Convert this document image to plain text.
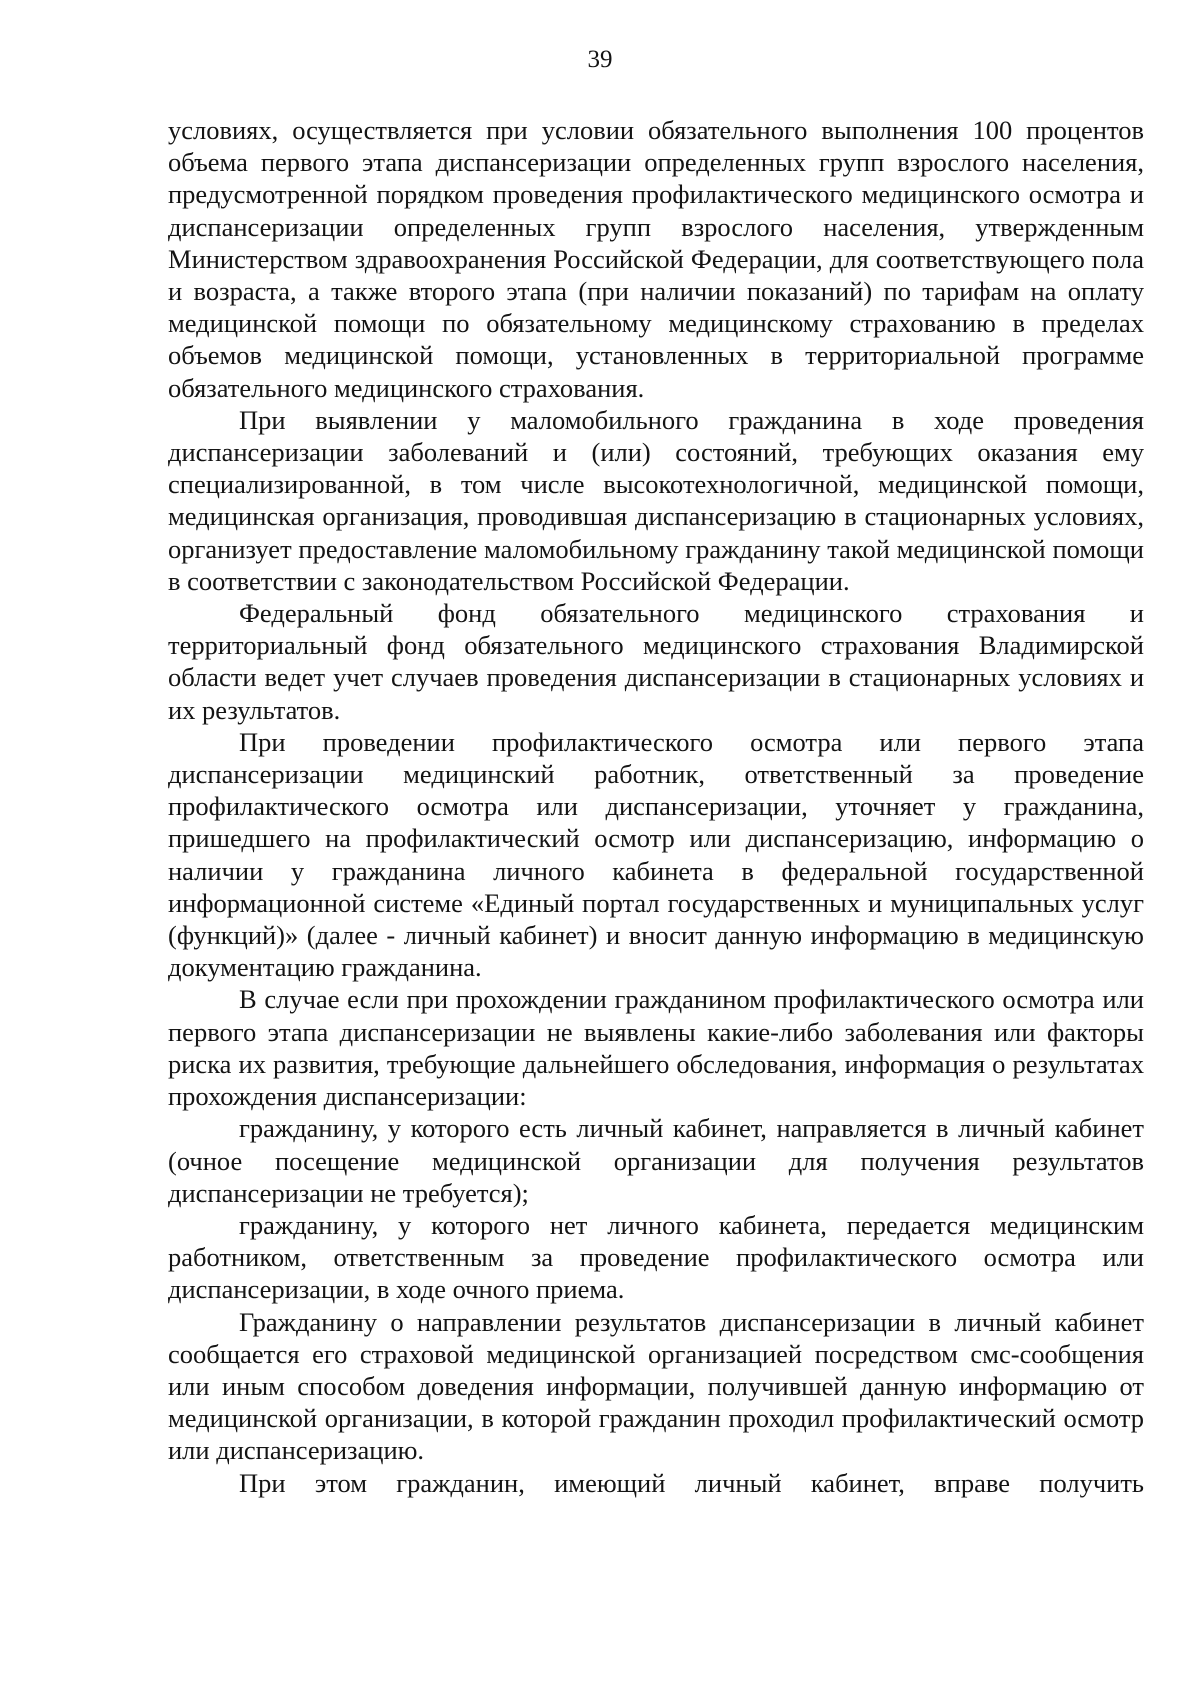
39

условиях, осуществляется при условии обязательного выполнения 100 процентов объема первого этапа диспансеризации определенных групп взрослого населения, предусмотренной порядком проведения профилактического медицинского осмотра и диспансеризации определенных групп взрослого населения, утвержденным Министерством здравоохранения Российской Федерации, для соответствующего пола и возраста, а также второго этапа (при наличии показаний) по тарифам на оплату медицинской помощи по обязательному медицинскому страхованию в пределах объемов медицинской помощи, установленных в территориальной программе обязательного медицинского страхования.

При выявлении у маломобильного гражданина в ходе проведения диспансеризации заболеваний и (или) состояний, требующих оказания ему специализированной, в том числе высокотехнологичной, медицинской помощи, медицинская организация, проводившая диспансеризацию в стационарных условиях, организует предоставление маломобильному гражданину такой медицинской помощи в соответствии с законодательством Российской Федерации.

Федеральный фонд обязательного медицинского страхования и территориальный фонд обязательного медицинского страхования Владимирской области ведет учет случаев проведения диспансеризации в стационарных условиях и их результатов.

При проведении профилактического осмотра или первого этапа диспансеризации медицинский работник, ответственный за проведение профилактического осмотра или диспансеризации, уточняет у гражданина, пришедшего на профилактический осмотр или диспансеризацию, информацию о наличии у гражданина личного кабинета в федеральной государственной информационной системе «Единый портал государственных и муниципальных услуг (функций)» (далее - личный кабинет) и вносит данную информацию в медицинскую документацию гражданина.

В случае если при прохождении гражданином профилактического осмотра или первого этапа диспансеризации не выявлены какие-либо заболевания или факторы риска их развития, требующие дальнейшего обследования, информация о результатах прохождения диспансеризации:

гражданину, у которого есть личный кабинет, направляется в личный кабинет (очное посещение медицинской организации для получения результатов диспансеризации не требуется);

гражданину, у которого нет личного кабинета, передается медицинским работником, ответственным за проведение профилактического осмотра или диспансеризации, в ходе очного приема.

Гражданину о направлении результатов диспансеризации в личный кабинет сообщается его страховой медицинской организацией посредством смс-сообщения или иным способом доведения информации, получившей данную информацию от медицинской организации, в которой гражданин проходил профилактический осмотр или диспансеризацию.

При этом гражданин, имеющий личный кабинет, вправе получить
